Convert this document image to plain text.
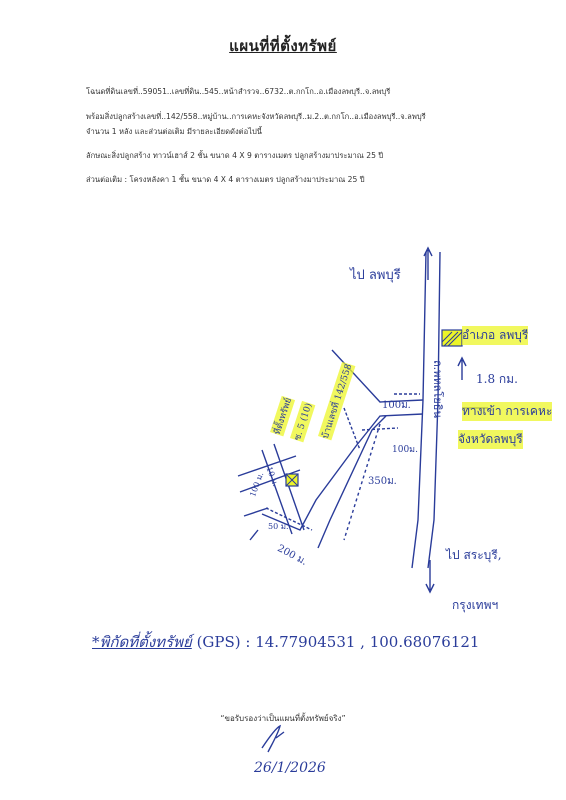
แผนที่ที่ตั้งทรัพย์
โฉนดที่ดินเลขที่..59051..เลขที่ดิน..545..หน้าสำรวจ..6732..ต.กกโก..อ.เมืองลพบุรี..จ.ลพบุรี
พร้อมสิ่งปลูกสร้างเลขที่..142/558..หมู่บ้าน..การเคหะจังหวัดลพบุรี..ม.2..ต.กกโก..อ.เมืองลพบุรี..จ.ลพบุรี
จำนวน 1 หลัง และส่วนต่อเติม มีรายละเอียดดังต่อไปนี้
ลักษณะสิ่งปลูกสร้าง ทาวน์เฮาส์ 2 ชั้น ขนาด 4 X 9 ตารางเมตร ปลูกสร้างมาประมาณ 25 ปี
ส่วนต่อเติม : โครงหลังคา 1 ชั้น ขนาด 4 X 4 ตารางเมตร ปลูกสร้างมาประมาณ 25 ปี
ไป ลพบุรี
อำเภอ ลพบุรี
1.8 กม.
ทางเข้า การเคหะ
จังหวัดลพบุรี
ถ.พหลโยธิน
100ม.
100ม.
350ม.
200 ม.
100 ม. 10 ม.
50 ม.
ที่ตั้งทรัพย์
ซ. 5 (10) บ้านเลขที่ 142/558
ไป สระบุรี,
กรุงเทพฯ
*พิกัดที่ตั้งทรัพย์ (GPS) : 14.77904531 , 100.68076121
“ขอรับรองว่าเป็นแผนที่ตั้งทรัพย์จริง”
26/1/2026
